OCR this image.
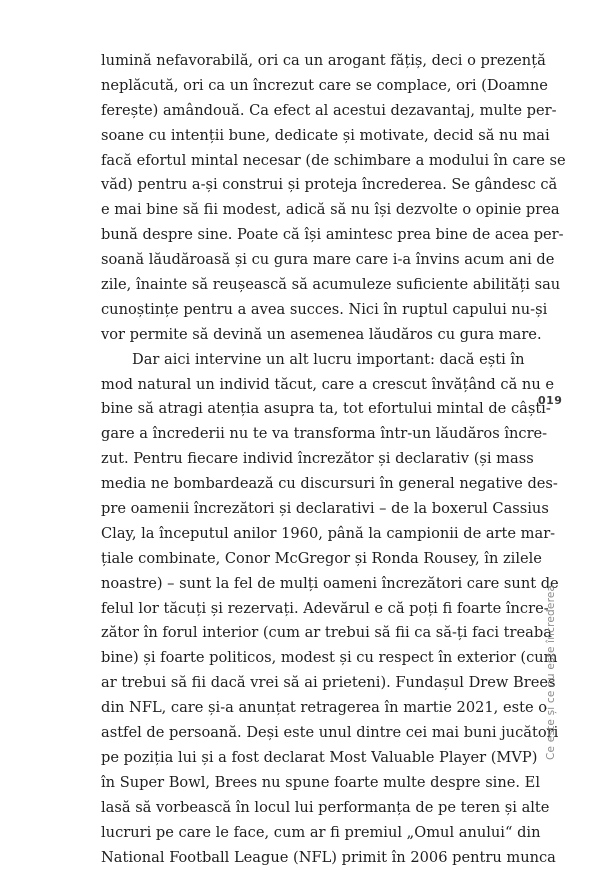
lumină nefavorabilă, ori ca un arogant fățiș, deci o prezență
neplăcută, ori ca un încrezut care se complace, ori (Doamne
ferește) amândouă. Ca efect al acestui dezavantaj, multe per-
soane cu intenții bune, dedicate și motivate, decid să nu mai
facă efortul mintal necesar (de schimbare a modului în care se
văd) pentru a-și construi și proteja încrederea. Se gândesc că
e mai bine să fii modest, adică să nu își dezvolte o opinie prea
bună despre sine. Poate că își amintesc prea bine de acea per-
soană lăudăroasă și cu gura mare care i-a învins acum ani de
zile, înainte să reușească să acumuleze suficiente abilități sau
cunoștințe pentru a avea succes. Nici în ruptul capului nu-și
vor permite să devină un asemenea lăudăros cu gura mare.
Dar aici intervine un alt lucru important: dacă ești în
mod natural un individ tăcut, care a crescut învățând că nu e
bine să atragi atenția asupra ta, tot efortului mintal de câști-
gare a încrederii nu te va transforma într-un lăudăros încre-
zut. Pentru fiecare individ încrezător și declarativ (și mass
media ne bombardează cu discursuri în general negative des-
pre oamenii încrezători și declarativi – de la boxerul Cassius
Clay, la începutul anilor 1960, până la campionii de arte mar-
țiale combinate, Conor McGregor și Ronda Rousey, în zilele
noastre) – sunt la fel de mulți oameni încrezători care sunt de
felul lor tăcuți și rezervați. Adevărul e că poți fi foarte încre-
zător în forul interior (cum ar trebui să fii ca să-ți faci treaba
bine) și foarte politicos, modest și cu respect în exterior (cum
ar trebui să fii dacă vrei să ai prieteni). Fundașul Drew Brees
din NFL, care și-a anunțat retragerea în martie 2021, este o
astfel de persoană. Deși este unul dintre cei mai buni jucători
pe poziția lui și a fost declarat Most Valuable Player (MVP)
în Super Bowl, Brees nu spune foarte multe despre sine. El
lasă să vorbească în locul lui performanța de pe teren și alte
lucruri pe care le face, cum ar fi premiul „Omul anului“ din
National Football League (NFL) primit în 2006 pentru munca
019
Ce este și ce nu este încrederea
